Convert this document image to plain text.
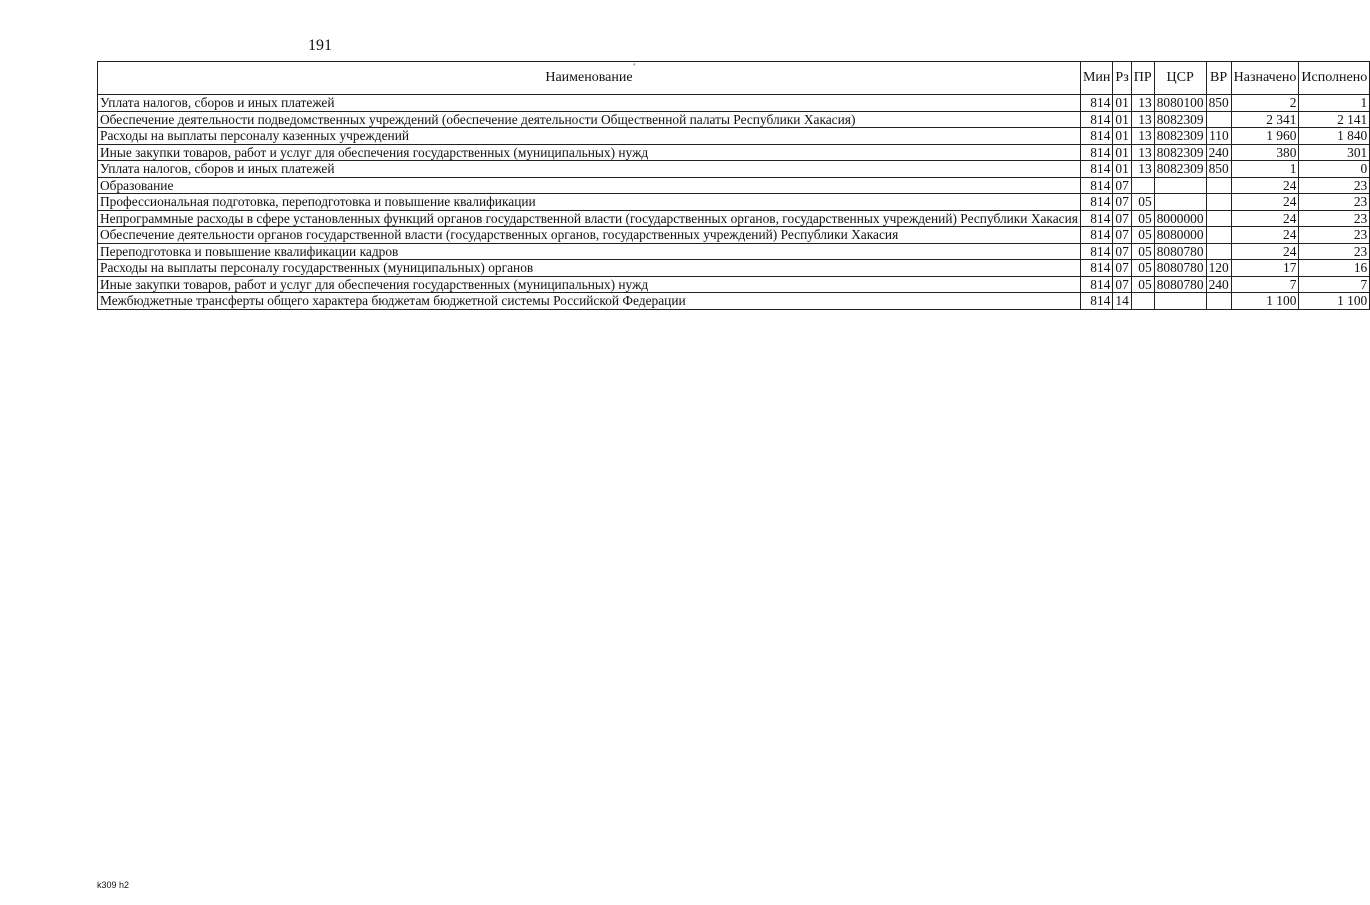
191
‘
Наименование	Мин	Рз	ПР	ЦСР	ВР	Назначено	Исполнено
Уплата налогов, сборов и иных платежей	814	01	13	8080100	850	2	1
Обеспечение деятельности подведомственных учреждений (обеспечение деятельности Общественной палаты Республики Хакасия)	814	01	13	8082309		2 341	2 141
Расходы на выплаты персоналу казенных учреждений	814	01	13	8082309	110	1 960	1 840
Иные закупки товаров, работ и услуг для обеспечения государственных (муниципальных) нужд	814	01	13	8082309	240	380	301
Уплата налогов, сборов и иных платежей	814	01	13	8082309	850	1	0
Образование	814	07				24	23
Профессиональная подготовка, переподготовка и повышение квалификации	814	07	05			24	23
Непрограммные расходы в сфере установленных функций органов государственной власти (государственных органов, государственных учреждений) Республики Хакасия	814	07	05	8000000		24	23
Обеспечение деятельности органов государственной власти (государственных органов, государственных учреждений) Республики Хакасия	814	07	05	8080000		24	23
Переподготовка и повышение квалификации кадров	814	07	05	8080780		24	23
Расходы на выплаты персоналу государственных (муниципальных) органов	814	07	05	8080780	120	17	16
Иные закупки товаров, работ и услуг для обеспечения государственных (муниципальных) нужд	814	07	05	8080780	240	7	7
Межбюджетные трансферты общего характера бюджетам бюджетной системы Российской Федерации	814	14				1 100	1 100
k309 h2
